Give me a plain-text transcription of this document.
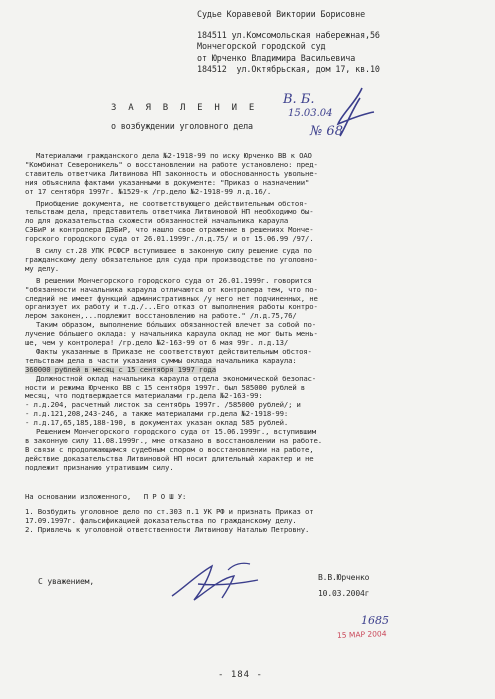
Судье Коравевой Виктории Борисовне
184511 ул.Комсомольская набережная,56
Мончегорской городской суд
от Юрченко Владимира Васильевича
184512  ул.Октябрьская, дом 17, кв.10
В. Б.
15.03.04
№ 68
З А Я В Л Е Н И Е
о возбуждении уголовного дела
Материалами гражданского дела №2-1918-99 по иску Юрченко ВВ к ОАО
"Комбинат Североникель" о восстановлении на работе установлено: пред-
ставитель ответчика Литвинова НП законность и обоснованность увольне-
ния объяснила фактами указанными в документе: "Приказ о назначении"
от 17 сентября 1997г. №1529-к /гр.дело №2-1918-99 л.д.16/.
Приобщение документа, не соответствующего действительным обстоя-
тельствам дела, представитель ответчика Литвиновой НП необходимо бы-
ло для доказательства схожести обязанностей начальника караула
СЭБиР и контролера ДЭБиР, что нашло свое отражение в решениях Мончe-
горского городского суда от 26.01.1999г./л.д.75/ и от 15.06.99 /97/.
В силу ст.28 УПК РСФСР вступившее в законную силу решение суда по
гражданскому делу обязательное для суда при производстве по уголовно-
му делу.
В решении Мончегорского городского суда от 26.01.1999г. говорится
"обязанности начальника караула отличаются от контролера тем, что по-
следний не имеет функций административных /у него нет подчиненных, не
организует их работу и т.д./...Его отказ от выполнения работы контрo-
лером законен,...подлежит восстановлению на работе." /л.д.75,76/
Таким образом, выполнение бóльших обязанностей влечет за собой по-
лучение бóльшего оклада: у начальника караула оклад не мог быть мень-
ше, чем у контролера! /гр.дело №2-163-99 от 6 мая 99г. л.д.13/
Факты указанные в Приказе не соответствуют действительным обстоя-
тельствам дела в части указания суммы оклада начальника караула:
360000 рублей в месяц с 15 сентября 1997 года
Должностной оклад начальника караула отдела экономической безопас-
ности и режима Юрченко ВВ с 15 сентября 1997г. был 585000 рублей в
месяц, что подтверждается материалами гр.дела №2-163-99:
- л.д.204, расчетный листок за сентябрь 1997г. /585000 рублей/; и
- л.д.121,208,243-246, а также материалами гр.дела №2-1918-99:
- л.д.17,65,185,188-190, в документах указан оклад 585 рублей.
Решением Мончегорского городского суда от 15.06.1999г., вступившим
в законную силу 11.08.1999г., мне отказано в восстановлении на работе.
В связи с продолжающимся судебным спором о восстановлении на работе,
действие доказательства Литвиновой НП носит длительный характер и не
подлежит признанию утратившим силу.
На основании изложенного,   П Р О Ш У:
1. Возбудить уголовное дело по ст.303 п.1 УК РФ и признать Приказ от
17.09.1997г. фальсификацией доказательства по гражданскому делу.
2. Привлечь к уголовной ответственности Литвинову Наталью Петровну.
С уважением,	В.В.Юрченко
10.03.2004г
1685
15 МАР 2004
- 184 -
